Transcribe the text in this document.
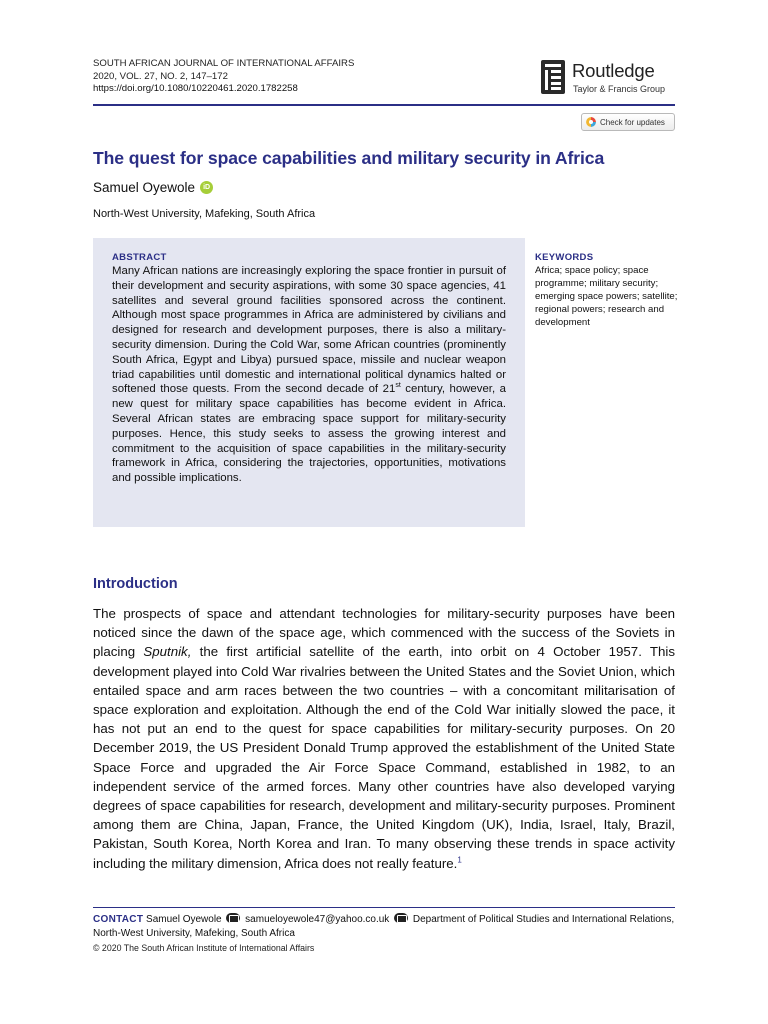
SOUTH AFRICAN JOURNAL OF INTERNATIONAL AFFAIRS
2020, VOL. 27, NO. 2, 147–172
https://doi.org/10.1080/10220461.2020.1782258
Routledge
Taylor & Francis Group
Check for updates
The quest for space capabilities and military security in Africa
Samuel Oyewole	iD
North-West University, Mafeking, South Africa
ABSTRACT
Many African nations are increasingly exploring the space frontier in pursuit of their development and security aspirations, with some 30 space agencies, 41 satellites and several ground facilities sponsored across the continent. Although most space programmes in Africa are administered by civilians and designed for research and development purposes, there is also a military-security dimension. During the Cold War, some African countries (prominently South Africa, Egypt and Libya) pursued space, missile and nuclear weapon triad capabilities until domestic and international political dynamics halted or softened those quests. From the second decade of 21st century, however, a new quest for military space capabilities has become evident in Africa. Several African states are embracing space support for military-security purposes. Hence, this study seeks to assess the growing interest and commitment to the acquisition of space capabilities in the military-security framework in Africa, considering the trajectories, opportunities, motivations and possible implications.
KEYWORDS
Africa; space policy; space programme; military security; emerging space powers; satellite; regional powers; research and development
Introduction
The prospects of space and attendant technologies for military-security purposes have been noticed since the dawn of the space age, which commenced with the success of the Soviets in placing Sputnik, the first artificial satellite of the earth, into orbit on 4 October 1957. This development played into Cold War rivalries between the United States and the Soviet Union, which entailed space and arm races between the two countries – with a concomitant militarisation of space exploration and exploitation. Although the end of the Cold War initially slowed the pace, it has not put an end to the quest for space capabilities for military-security purposes. On 20 December 2019, the US President Donald Trump approved the establishment of the United State Space Force and upgraded the Air Force Space Command, established in 1982, to an independent service of the armed forces. Many other countries have also developed varying degrees of space capabilities for research, development and military-security purposes. Prominent among them are China, Japan, France, the United Kingdom (UK), India, Israel, Italy, Brazil, Pakistan, South Korea, North Korea and Iran. To many observing these trends in space activity including the military dimension, Africa does not really feature.$^1$
CONTACT Samuel Oyewole  samueloyewole47@yahoo.co.uk  Department of Political Studies and International Relations, North-West University, Mafeking, South Africa
© 2020 The South African Institute of International Affairs
